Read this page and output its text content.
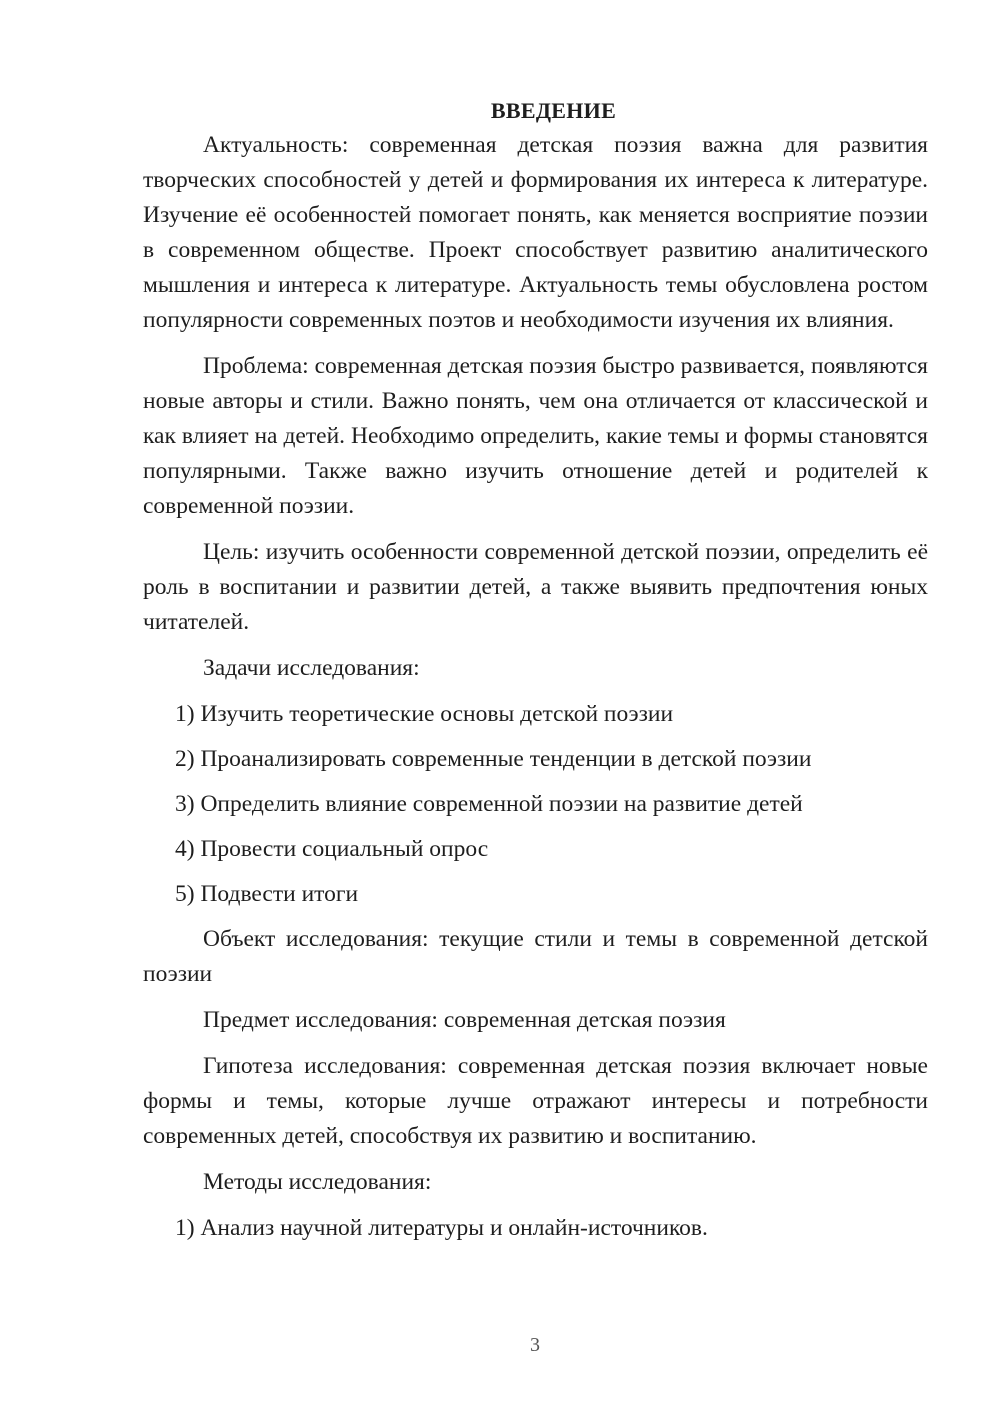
ВВЕДЕНИЕ

Актуальность: современная детская поэзия важна для развития творческих способностей у детей и формирования их интереса к литературе. Изучение её особенностей помогает понять, как меняется восприятие поэзии в современном обществе. Проект способствует развитию аналитического мышления и интереса к литературе. Актуальность темы обусловлена ростом популярности современных поэтов и необходимости изучения их влияния.

Проблема: современная детская поэзия быстро развивается, появляются новые авторы и стили. Важно понять, чем она отличается от классической и как влияет на детей. Необходимо определить, какие темы и формы становятся популярными. Также важно изучить отношение детей и родителей к современной поэзии.

Цель: изучить особенности современной детской поэзии, определить её роль в воспитании и развитии детей, а также выявить предпочтения юных читателей.

Задачи исследования:

1) Изучить теоретические основы детской поэзии
2) Проанализировать современные тенденции в детской поэзии
3) Определить влияние современной поэзии на развитие детей
4) Провести социальный опрос
5) Подвести итоги

Объект исследования: текущие стили и темы в современной детской поэзии

Предмет исследования: современная детская поэзия

Гипотеза исследования: современная детская поэзия включает новые формы и темы, которые лучше отражают интересы и потребности современных детей, способствуя их развитию и воспитанию.

Методы исследования:

1) Анализ научной литературы и онлайн-источников.
3
